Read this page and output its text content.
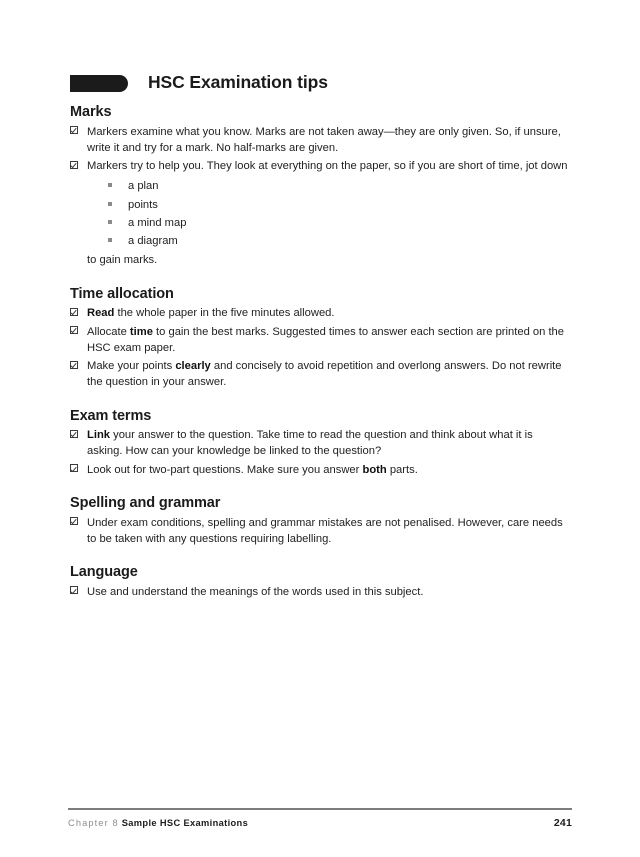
HSC Examination tips
Marks
Markers examine what you know. Marks are not taken away—they are only given. So, if unsure, write it and try for a mark. No half-marks are given.
Markers try to help you. They look at everything on the paper, so if you are short of time, jot down
a plan
points
a mind map
a diagram
to gain marks.
Time allocation
Read the whole paper in the five minutes allowed.
Allocate time to gain the best marks. Suggested times to answer each section are printed on the HSC exam paper.
Make your points clearly and concisely to avoid repetition and overlong answers. Do not rewrite the question in your answer.
Exam terms
Link your answer to the question. Take time to read the question and think about what it is asking. How can your knowledge be linked to the question?
Look out for two-part questions. Make sure you answer both parts.
Spelling and grammar
Under exam conditions, spelling and grammar mistakes are not penalised. However, care needs to be taken with any questions requiring labelling.
Language
Use and understand the meanings of the words used in this subject.
Chapter 8 Sample HSC Examinations	241
